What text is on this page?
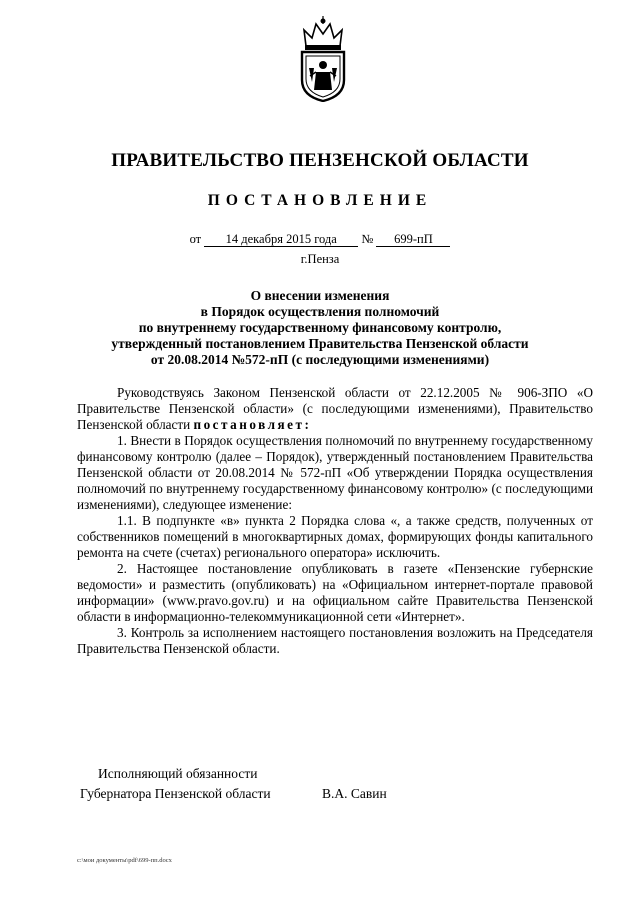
ПРАВИТЕЛЬСТВО ПЕНЗЕНСКОЙ ОБЛАСТИ
ПОСТАНОВЛЕНИЕ
от 14 декабря 2015 года № 699-пП
г.Пенза
О внесении изменения
в Порядок осуществления полномочий
по внутреннему государственному финансовому контролю,
утвержденный постановлением Правительства Пензенской области
от 20.08.2014 №572-пП (с последующими изменениями)

Руководствуясь Законом Пензенской области от 22.12.2005 № 906-ЗПО «О Правительстве Пензенской области» (с последующими изменениями), Правительство Пензенской области постановляет:

1. Внести в Порядок осуществления полномочий по внутреннему государственному финансовому контролю (далее – Порядок), утвержденный постановлением Правительства Пензенской области от 20.08.2014 № 572-пП «Об утверждении Порядка осуществления полномочий по внутреннему государственному финансовому контролю» (с последующими изменениями), следующее изменение:

1.1. В подпункте «в» пункта 2 Порядка слова «, а также средств, полученных от собственников помещений в многоквартирных домах, формирующих фонды капитального ремонта на счете (счетах) регионального оператора» исключить.

2. Настоящее постановление опубликовать в газете «Пензенские губернские ведомости» и разместить (опубликовать) на «Официальном интернет-портале правовой информации» (www.pravo.gov.ru) и на официальном сайте Правительства Пензенской области в информационно-телекоммуникационной сети «Интернет».

3. Контроль за исполнением настоящего постановления возложить на Председателя Правительства Пензенской области.

Исполняющий обязанности
Губернатора Пензенской области	В.А. Савин
c:\мои документы\pdf\699-пп.docx
